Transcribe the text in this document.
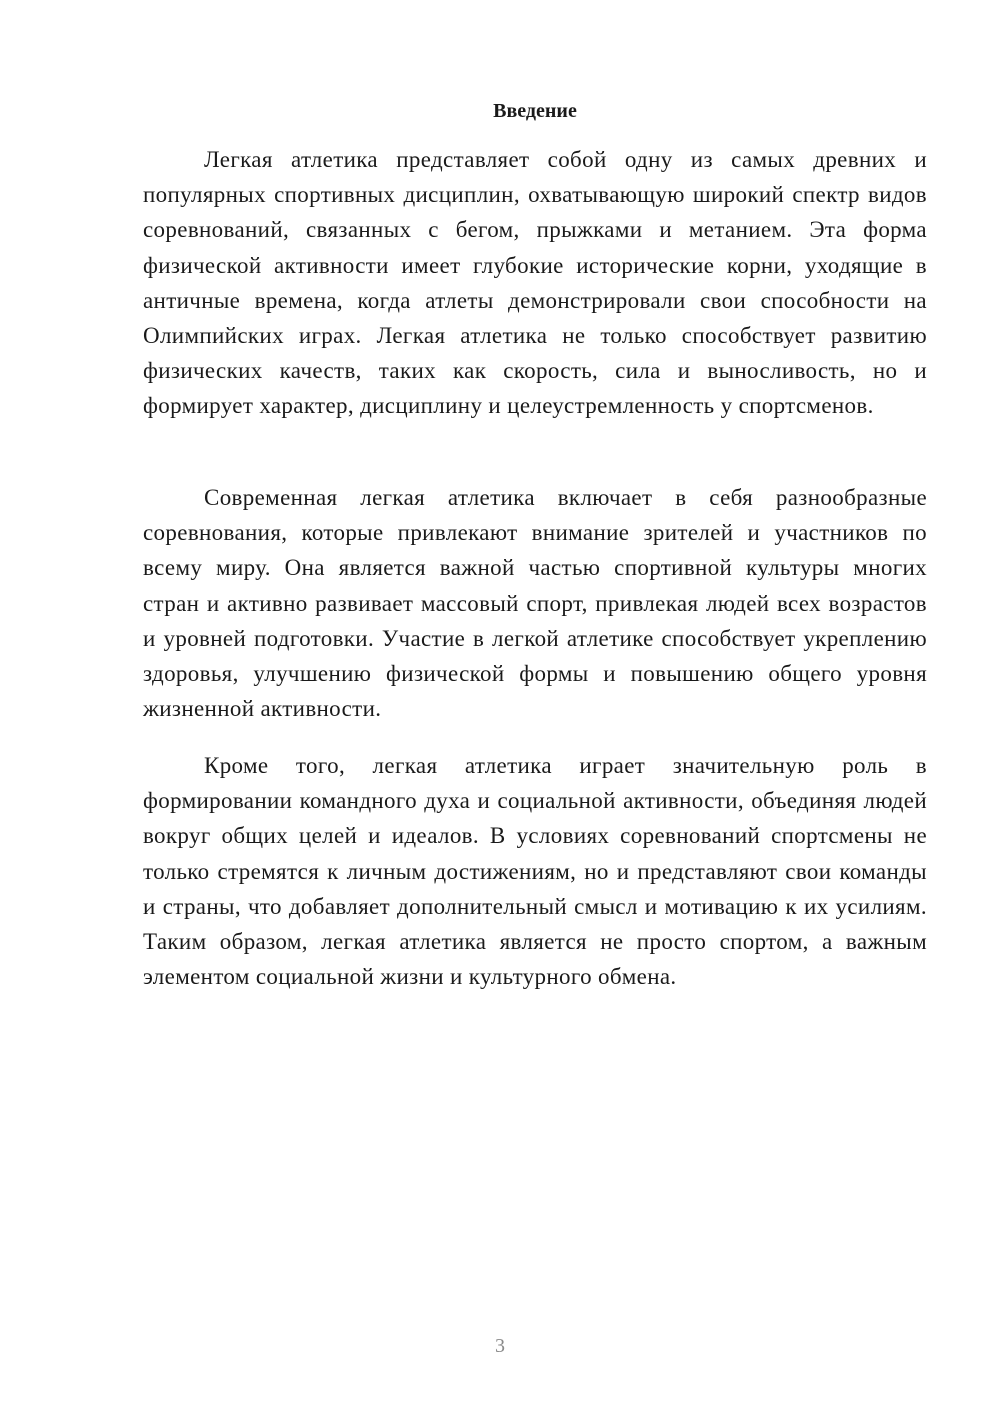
Введение

Легкая атлетика представляет собой одну из самых древних и популярных спортивных дисциплин, охватывающую широкий спектр видов соревнований, связанных с бегом, прыжками и метанием. Эта форма физической активности имеет глубокие исторические корни, уходящие в античные времена, когда атлеты демонстрировали свои способности на Олимпийских играх. Легкая атлетика не только способствует развитию физических качеств, таких как скорость, сила и выносливость, но и формирует характер, дисциплину и целеустремленность у спортсменов.

Современная легкая атлетика включает в себя разнообразные соревнования, которые привлекают внимание зрителей и участников по всему миру. Она является важной частью спортивной культуры многих стран и активно развивает массовый спорт, привлекая людей всех возрастов и уровней подготовки. Участие в легкой атлетике способствует укреплению здоровья, улучшению физической формы и повышению общего уровня жизненной активности.

Кроме того, легкая атлетика играет значительную роль в формировании командного духа и социальной активности, объединяя людей вокруг общих целей и идеалов. В условиях соревнований спортсмены не только стремятся к личным достижениям, но и представляют свои команды и страны, что добавляет дополнительный смысл и мотивацию к их усилиям. Таким образом, легкая атлетика является не просто спортом, а важным элементом социальной жизни и культурного обмена.

3
